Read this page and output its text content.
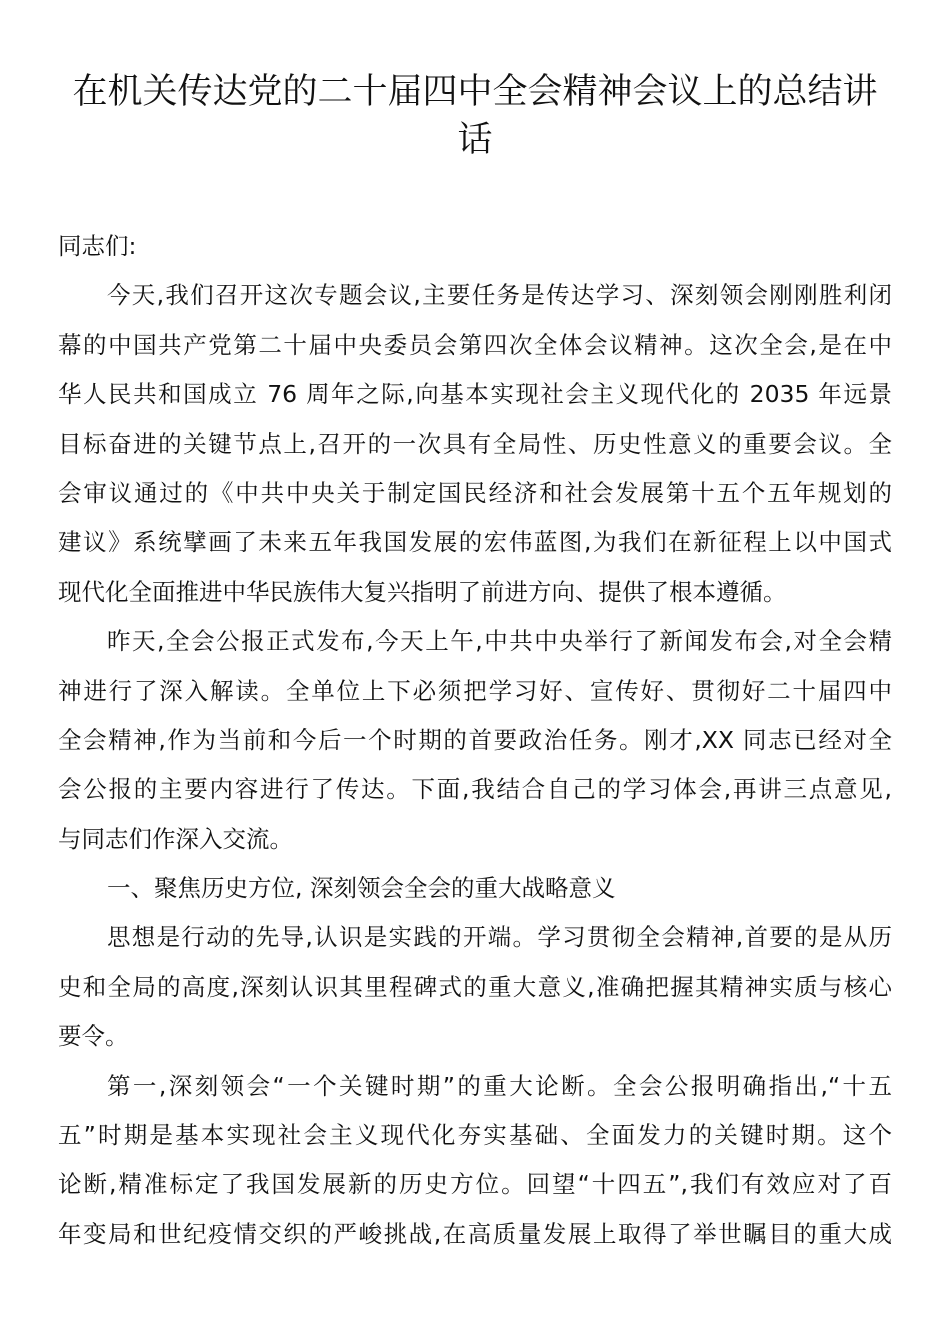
在机关传达党的二十届四中全会精神会议上的总结讲
话
同志们:
今天,我们召开这次专题会议,主要任务是传达学习、深刻领会刚刚胜利闭
幕的中国共产党第二十届中央委员会第四次全体会议精神。这次全会,是在中
华人民共和国成立 76 周年之际,向基本实现社会主义现代化的 2035 年远景
目标奋进的关键节点上,召开的一次具有全局性、历史性意义的重要会议。全
会审议通过的《中共中央关于制定国民经济和社会发展第十五个五年规划的
建议》系统擘画了未来五年我国发展的宏伟蓝图,为我们在新征程上以中国式
现代化全面推进中华民族伟大复兴指明了前进方向、提供了根本遵循。
昨天,全会公报正式发布,今天上午,中共中央举行了新闻发布会,对全会精
神进行了深入解读。全单位上下必须把学习好、宣传好、贯彻好二十届四中
全会精神,作为当前和今后一个时期的首要政治任务。刚才,XX 同志已经对全
会公报的主要内容进行了传达。下面,我结合自己的学习体会,再讲三点意见,
与同志们作深入交流。
一、聚焦历史方位, 深刻领会全会的重大战略意义
思想是行动的先导,认识是实践的开端。学习贯彻全会精神,首要的是从历
史和全局的高度,深刻认识其里程碑式的重大意义,准确把握其精神实质与核心
要令。
第一,深刻领会“一个关键时期”的重大论断。全会公报明确指出,“十五
五”时期是基本实现社会主义现代化夯实基础、全面发力的关键时期。这个
论断,精准标定了我国发展新的历史方位。回望“十四五”,我们有效应对了百
年变局和世纪疫情交织的严峻挑战,在高质量发展上取得了举世瞩目的重大成
